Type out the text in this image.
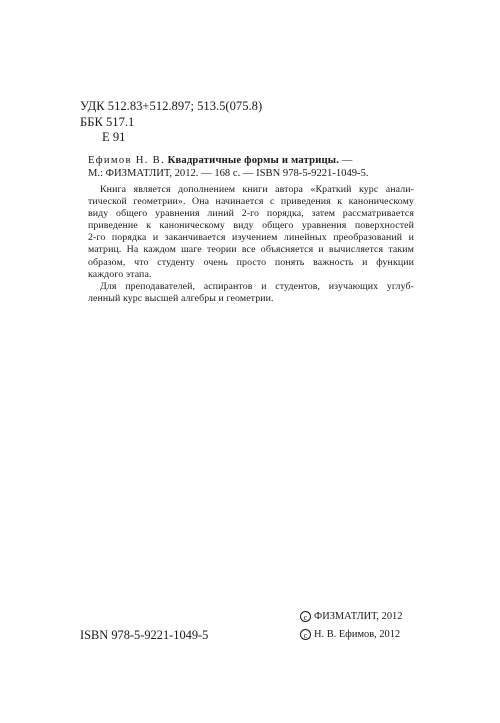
УДК 512.83+512.897; 513.5(075.8)
ББК 517.1
Е 91
Ефимов Н. В. Квадратичные формы и матрицы. —
М.: ФИЗМАТЛИТ, 2012. — 168 с. — ISBN 978-5-9221-1049-5.
Книга является дополнением книги автора «Краткий курс анали-
тической геометрии». Она начинается с приведения к каноническому
виду общего уравнения линий 2-го порядка, затем рассматривается
приведение к каноническому виду общего уравнения поверхностей
2-го порядка и заканчивается изучением линейных преобразований и
матриц. На каждом шаге теории все объясняется и вычисляется таким
образом, что студенту очень просто понять важность и функции
каждого этапа.
Для преподавателей, аспирантов и студентов, изучающих углуб-
ленный курс высшей алгебры и геометрии.
c ФИЗМАТЛИТ, 2012
c Н. В. Ефимов, 2012
ISBN 978-5-9221-1049-5
